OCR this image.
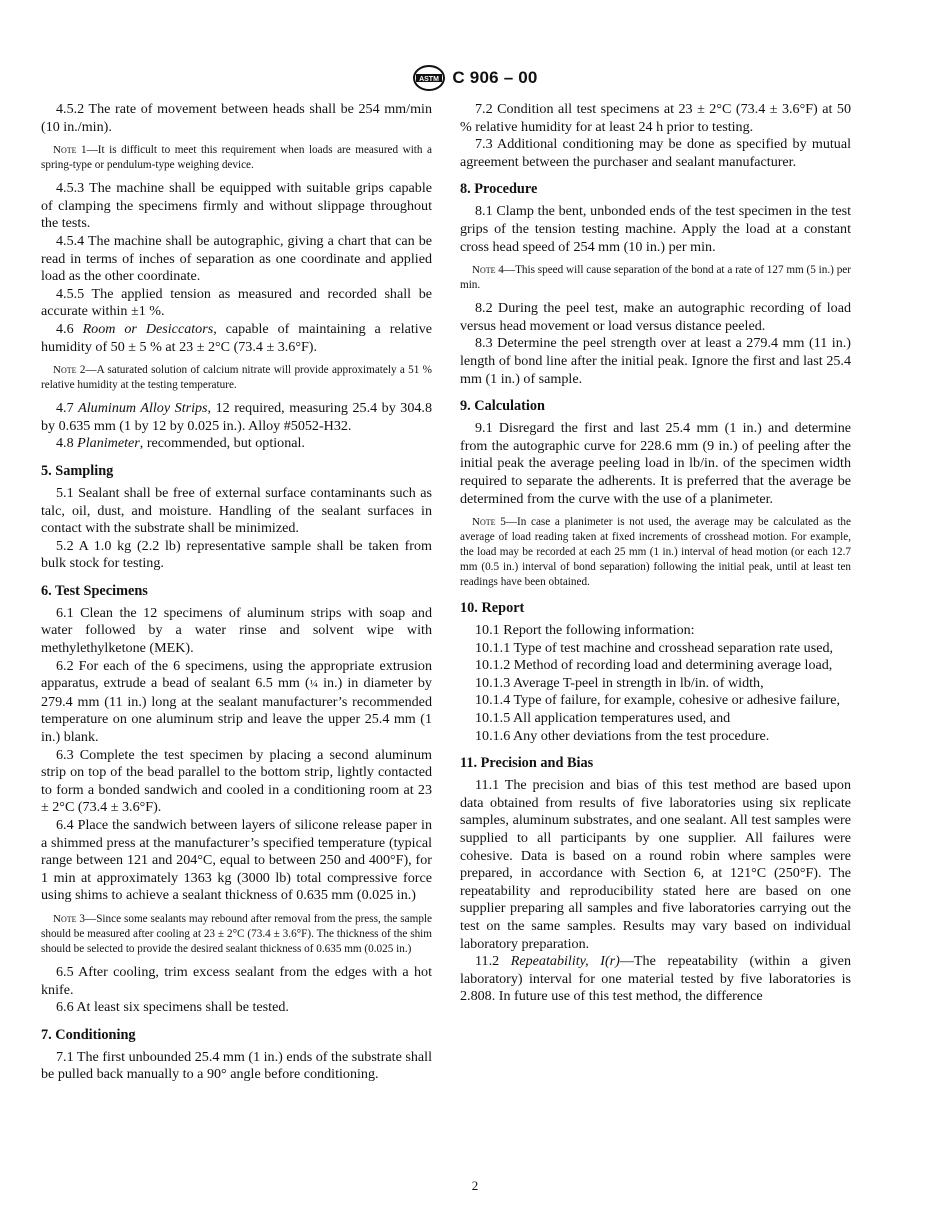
ASTM C 906 – 00

4.5.2 The rate of movement between heads shall be 254 mm/min (10 in./min).

Note 1—It is difficult to meet this requirement when loads are measured with a spring-type or pendulum-type weighing device.

4.5.3 The machine shall be equipped with suitable grips capable of clamping the specimens firmly and without slippage throughout the tests.

4.5.4 The machine shall be autographic, giving a chart that can be read in terms of inches of separation as one coordinate and applied load as the other coordinate.

4.5.5 The applied tension as measured and recorded shall be accurate within ±1 %.

4.6 Room or Desiccators, capable of maintaining a relative humidity of 50 ± 5 % at 23 ± 2°C (73.4 ± 3.6°F).

Note 2—A saturated solution of calcium nitrate will provide approximately a 51 % relative humidity at the testing temperature.

4.7 Aluminum Alloy Strips, 12 required, measuring 25.4 by 304.8 by 0.635 mm (1 by 12 by 0.025 in.). Alloy #5052-H32.

4.8 Planimeter, recommended, but optional.

5. Sampling

5.1 Sealant shall be free of external surface contaminants such as talc, oil, dust, and moisture. Handling of the sealant surfaces in contact with the substrate shall be minimized.

5.2 A 1.0 kg (2.2 lb) representative sample shall be taken from bulk stock for testing.

6. Test Specimens

6.1 Clean the 12 specimens of aluminum strips with soap and water followed by a water rinse and solvent wipe with methylethylketone (MEK).

6.2 For each of the 6 specimens, using the appropriate extrusion apparatus, extrude a bead of sealant 6.5 mm (¼ in.) in diameter by 279.4 mm (11 in.) long at the sealant manufacturer’s recommended temperature on one aluminum strip and leave the upper 25.4 mm (1 in.) blank.

6.3 Complete the test specimen by placing a second aluminum strip on top of the bead parallel to the bottom strip, lightly contacted to form a bonded sandwich and cooled in a conditioning room at 23 ± 2°C (73.4 ± 3.6°F).

6.4 Place the sandwich between layers of silicone release paper in a shimmed press at the manufacturer’s specified temperature (typical range between 121 and 204°C, equal to between 250 and 400°F), for 1 min at approximately 1363 kg (3000 lb) total compressive force using shims to achieve a sealant thickness of 0.635 mm (0.025 in.)

Note 3—Since some sealants may rebound after removal from the press, the sample should be measured after cooling at 23 ± 2°C (73.4 ± 3.6°F). The thickness of the shim should be selected to provide the desired sealant thickness of 0.635 mm (0.025 in.)

6.5 After cooling, trim excess sealant from the edges with a hot knife.

6.6 At least six specimens shall be tested.

7. Conditioning

7.1 The first unbounded 25.4 mm (1 in.) ends of the substrate shall be pulled back manually to a 90° angle before conditioning.

7.2 Condition all test specimens at 23 ± 2°C (73.4 ± 3.6°F) at 50 % relative humidity for at least 24 h prior to testing.

7.3 Additional conditioning may be done as specified by mutual agreement between the purchaser and sealant manufacturer.

8. Procedure

8.1 Clamp the bent, unbonded ends of the test specimen in the test grips of the tension testing machine. Apply the load at a constant cross head speed of 254 mm (10 in.) per min.

Note 4—This speed will cause separation of the bond at a rate of 127 mm (5 in.) per min.

8.2 During the peel test, make an autographic recording of load versus head movement or load versus distance peeled.

8.3 Determine the peel strength over at least a 279.4 mm (11 in.) length of bond line after the initial peak. Ignore the first and last 25.4 mm (1 in.) of sample.

9. Calculation

9.1 Disregard the first and last 25.4 mm (1 in.) and determine from the autographic curve for 228.6 mm (9 in.) of peeling after the initial peak the average peeling load in lb/in. of the specimen width required to separate the adherents. It is preferred that the average be determined from the curve with the use of a planimeter.

Note 5—In case a planimeter is not used, the average may be calculated as the average of load reading taken at fixed increments of crosshead motion. For example, the load may be recorded at each 25 mm (1 in.) interval of head motion (or each 12.7 mm (0.5 in.) interval of bond separation) following the initial peak, until at least ten readings have been obtained.

10. Report

10.1 Report the following information:

10.1.1 Type of test machine and crosshead separation rate used,

10.1.2 Method of recording load and determining average load,

10.1.3 Average T-peel in strength in lb/in. of width,

10.1.4 Type of failure, for example, cohesive or adhesive failure,

10.1.5 All application temperatures used, and

10.1.6 Any other deviations from the test procedure.

11. Precision and Bias

11.1 The precision and bias of this test method are based upon data obtained from results of five laboratories using six replicate samples, aluminum substrates, and one sealant. All test samples were supplied to all participants by one supplier. All failures were cohesive. Data is based on a round robin where samples were prepared, in accordance with Section 6, at 121°C (250°F). The repeatability and reproducibility stated here are based on one supplier preparing all samples and five laboratories carrying out the test on the same samples. Results may vary based on individual laboratory preparation.

11.2 Repeatability, I(r)—The repeatability (within a given laboratory) interval for one material tested by five laboratories is 2.808. In future use of this test method, the difference

2
